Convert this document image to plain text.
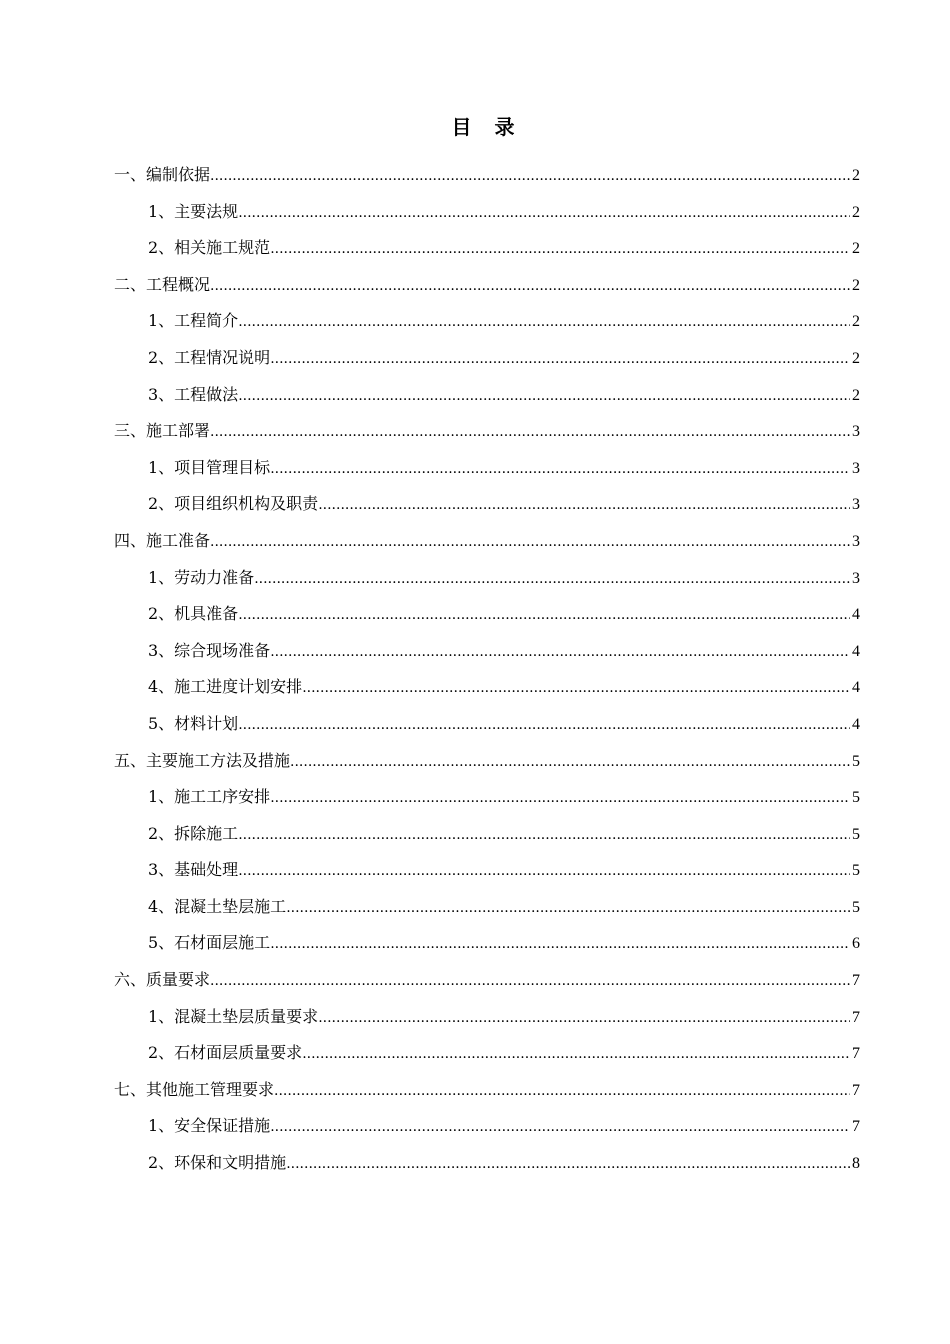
目 录
一、编制依据 .....	2
1、主要法规 .....	2
2、相关施工规范 .....	2
二、工程概况 .....	2
1、工程简介 .....	2
2、工程情况说明 .....	2
3、工程做法 .....	2
三、施工部署 .....	3
1、项目管理目标 .....	3
2、项目组织机构及职责 .....	3
四、施工准备 .....	3
1、劳动力准备 .....	3
2、机具准备 .....	4
3、综合现场准备 .....	4
4、施工进度计划安排 .....	4
5、材料计划 .....	4
五、主要施工方法及措施 .....	5
1、施工工序安排 .....	5
2、拆除施工 .....	5
3、基础处理 .....	5
4、混凝土垫层施工 .....	5
5、石材面层施工 .....	6
六、质量要求 .....	7
1、混凝土垫层质量要求 .....	7
2、石材面层质量要求 .....	7
七、其他施工管理要求 .....	7
1、安全保证措施 .....	7
2、环保和文明措施 .....	8
